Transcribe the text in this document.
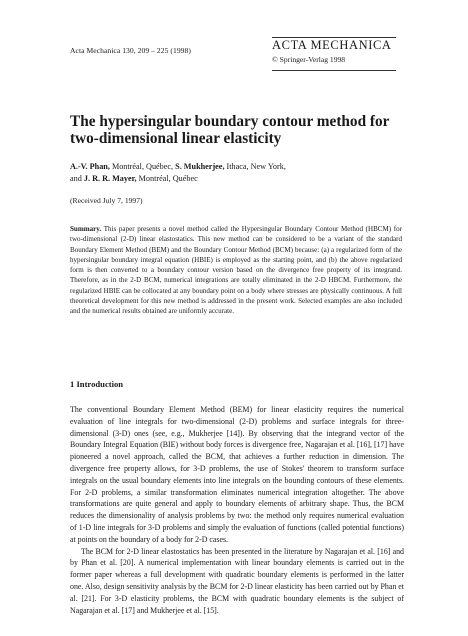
Acta Mechanica 130, 209 – 225 (1998)	ACTA MECHANICA
© Springer-Verlag 1998
The hypersingular boundary contour method for two-dimensional linear elasticity
A.-V. Phan, Montréal, Québec, S. Mukherjee, Ithaca, New York,
and J. R. R. Mayer, Montréal, Québec
(Received July 7, 1997)
Summary. This paper presents a novel method called the Hypersingular Boundary Contour Method (HBCM) for two-dimensional (2-D) linear elastostatics. This new method can be considered to be a variant of the standard Boundary Element Method (BEM) and the Boundary Contour Method (BCM) because: (a) a regularized form of the hypersingular boundary integral equation (HBIE) is employed as the starting point, and (b) the above regularized form is then converted to a boundary contour version based on the divergence free property of its integrand. Therefore, as in the 2-D BCM, numerical integrations are totally eliminated in the 2-D HBCM. Furthermore, the regularized HBIE can be collocated at any boundary point on a body where stresses are physically continuous. A full theoretical development for this new method is addressed in the present work. Selected examples are also included and the numerical results obtained are uniformly accurate.
1 Introduction

The conventional Boundary Element Method (BEM) for linear elasticity requires the numerical evaluation of line integrals for two-dimensional (2-D) problems and surface integrals for three-dimensional (3-D) ones (see, e.g., Mukherjee [14]). By observing that the integrand vector of the Boundary Integral Equation (BIE) without body forces is divergence free, Nagarajan et al. [16], [17] have pioneered a novel approach, called the BCM, that achieves a further reduction in dimension. The divergence free property allows, for 3-D problems, the use of Stokes' theorem to transform surface integrals on the usual boundary elements into line integrals on the bounding contours of these elements. For 2-D problems, a similar transformation eliminates numerical integration altogether. The above transformations are quite general and apply to boundary elements of arbitrary shape. Thus, the BCM reduces the dimensionality of analysis problems by two: the method only requires numerical evaluation of 1-D line integrals for 3-D problems and simply the evaluation of functions (called potential functions) at points on the boundary of a body for 2-D cases.

The BCM for 2-D linear elastostatics has been presented in the literature by Nagarajan et al. [16] and by Phan et al. [20]. A numerical implementation with linear boundary elements is carried out in the former paper whereas a full development with quadratic boundary elements is performed in the latter one. Also, design sensitivity analysis by the BCM for 2-D linear elasticity has been carried out by Phan et al. [21]. For 3-D elasticity problems, the BCM with quadratic boundary elements is the subject of Nagarajan et al. [17] and Mukherjee et al. [15].
